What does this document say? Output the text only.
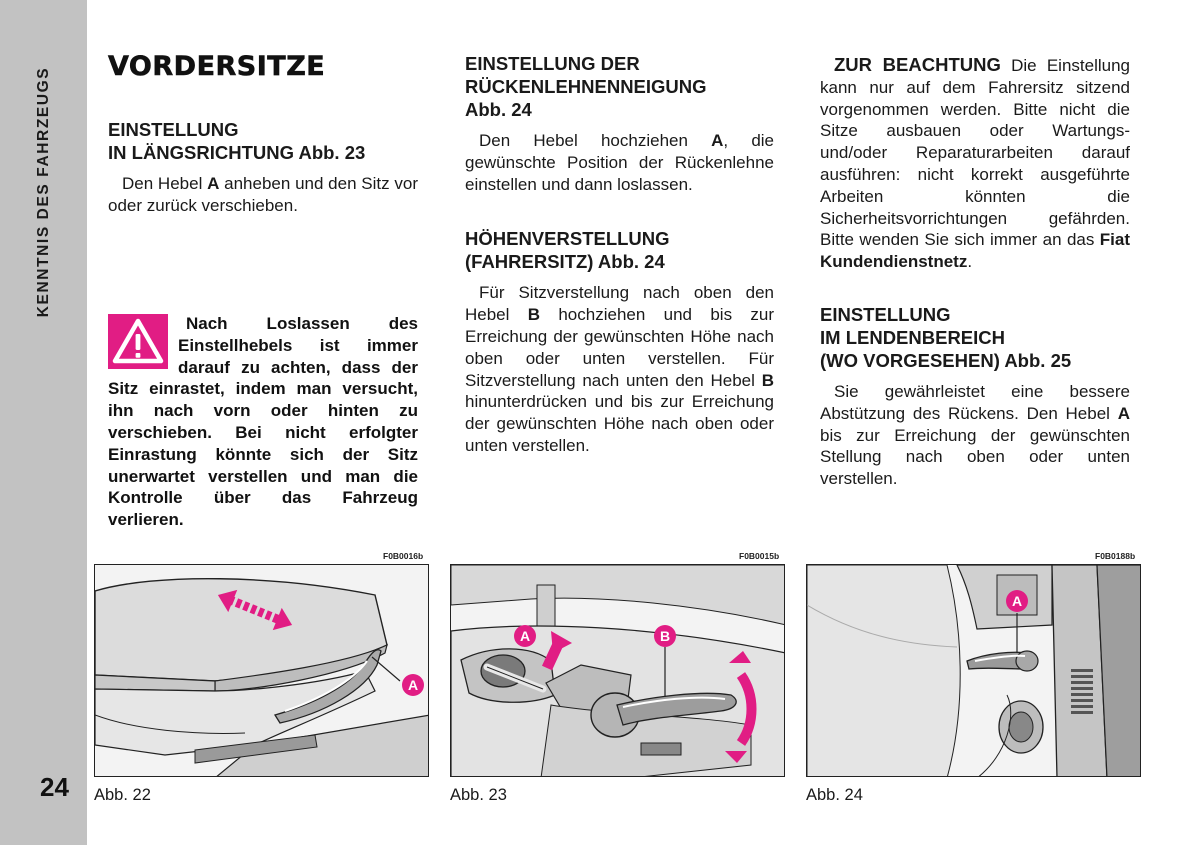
KENNTNIS DES FAHRZEUGS
24
VORDERSITZE
EINSTELLUNG
IN LÄNGSRICHTUNG Abb. 23

Den Hebel A anheben und den Sitz vor oder zurück verschieben.

Nach Loslassen des Einstellhebels ist immer darauf zu achten, dass der Sitz einrastet, indem man versucht, ihn nach vorn oder hinten zu verschieben. Bei nicht erfolgter Einrastung könnte sich der Sitz unerwartet verstellen und man die Kontrolle über das Fahrzeug verlieren.
EINSTELLUNG DER
RÜCKENLEHNENNEIGUNG
Abb. 24

Den Hebel hochziehen A, die gewünschte Position der Rückenlehne einstellen und dann loslassen.

HÖHENVERSTELLUNG
(FAHRERSITZ) Abb. 24

Für Sitzverstellung nach oben den Hebel B hochziehen und bis zur Erreichung der gewünschten Höhe nach oben oder unten verstellen. Für Sitzverstellung nach unten den Hebel B hinunterdrücken und bis zur Erreichung der gewünschten Höhe nach oben oder unten verstellen.

ZUR BEACHTUNG Die Einstellung kann nur auf dem Fahrersitz sitzend vorgenommen werden. Bitte nicht die Sitze ausbauen oder Wartungs- und/oder Reparaturarbeiten darauf ausführen: nicht korrekt ausgeführte Arbeiten könnten die Sicherheitsvorrichtungen gefährden. Bitte wenden Sie sich immer an das Fiat Kundendienstnetz.

EINSTELLUNG
IM LENDENBEREICH
(WO VORGESEHEN) Abb. 25

Sie gewährleistet eine bessere Abstützung des Rückens. Den Hebel A bis zur Erreichung der gewünschten Stellung nach oben oder unten verstellen.

F0B0016b	F0B0015b	F0B0188b
A
A	B
A
Abb. 22	Abb. 23	Abb. 24
